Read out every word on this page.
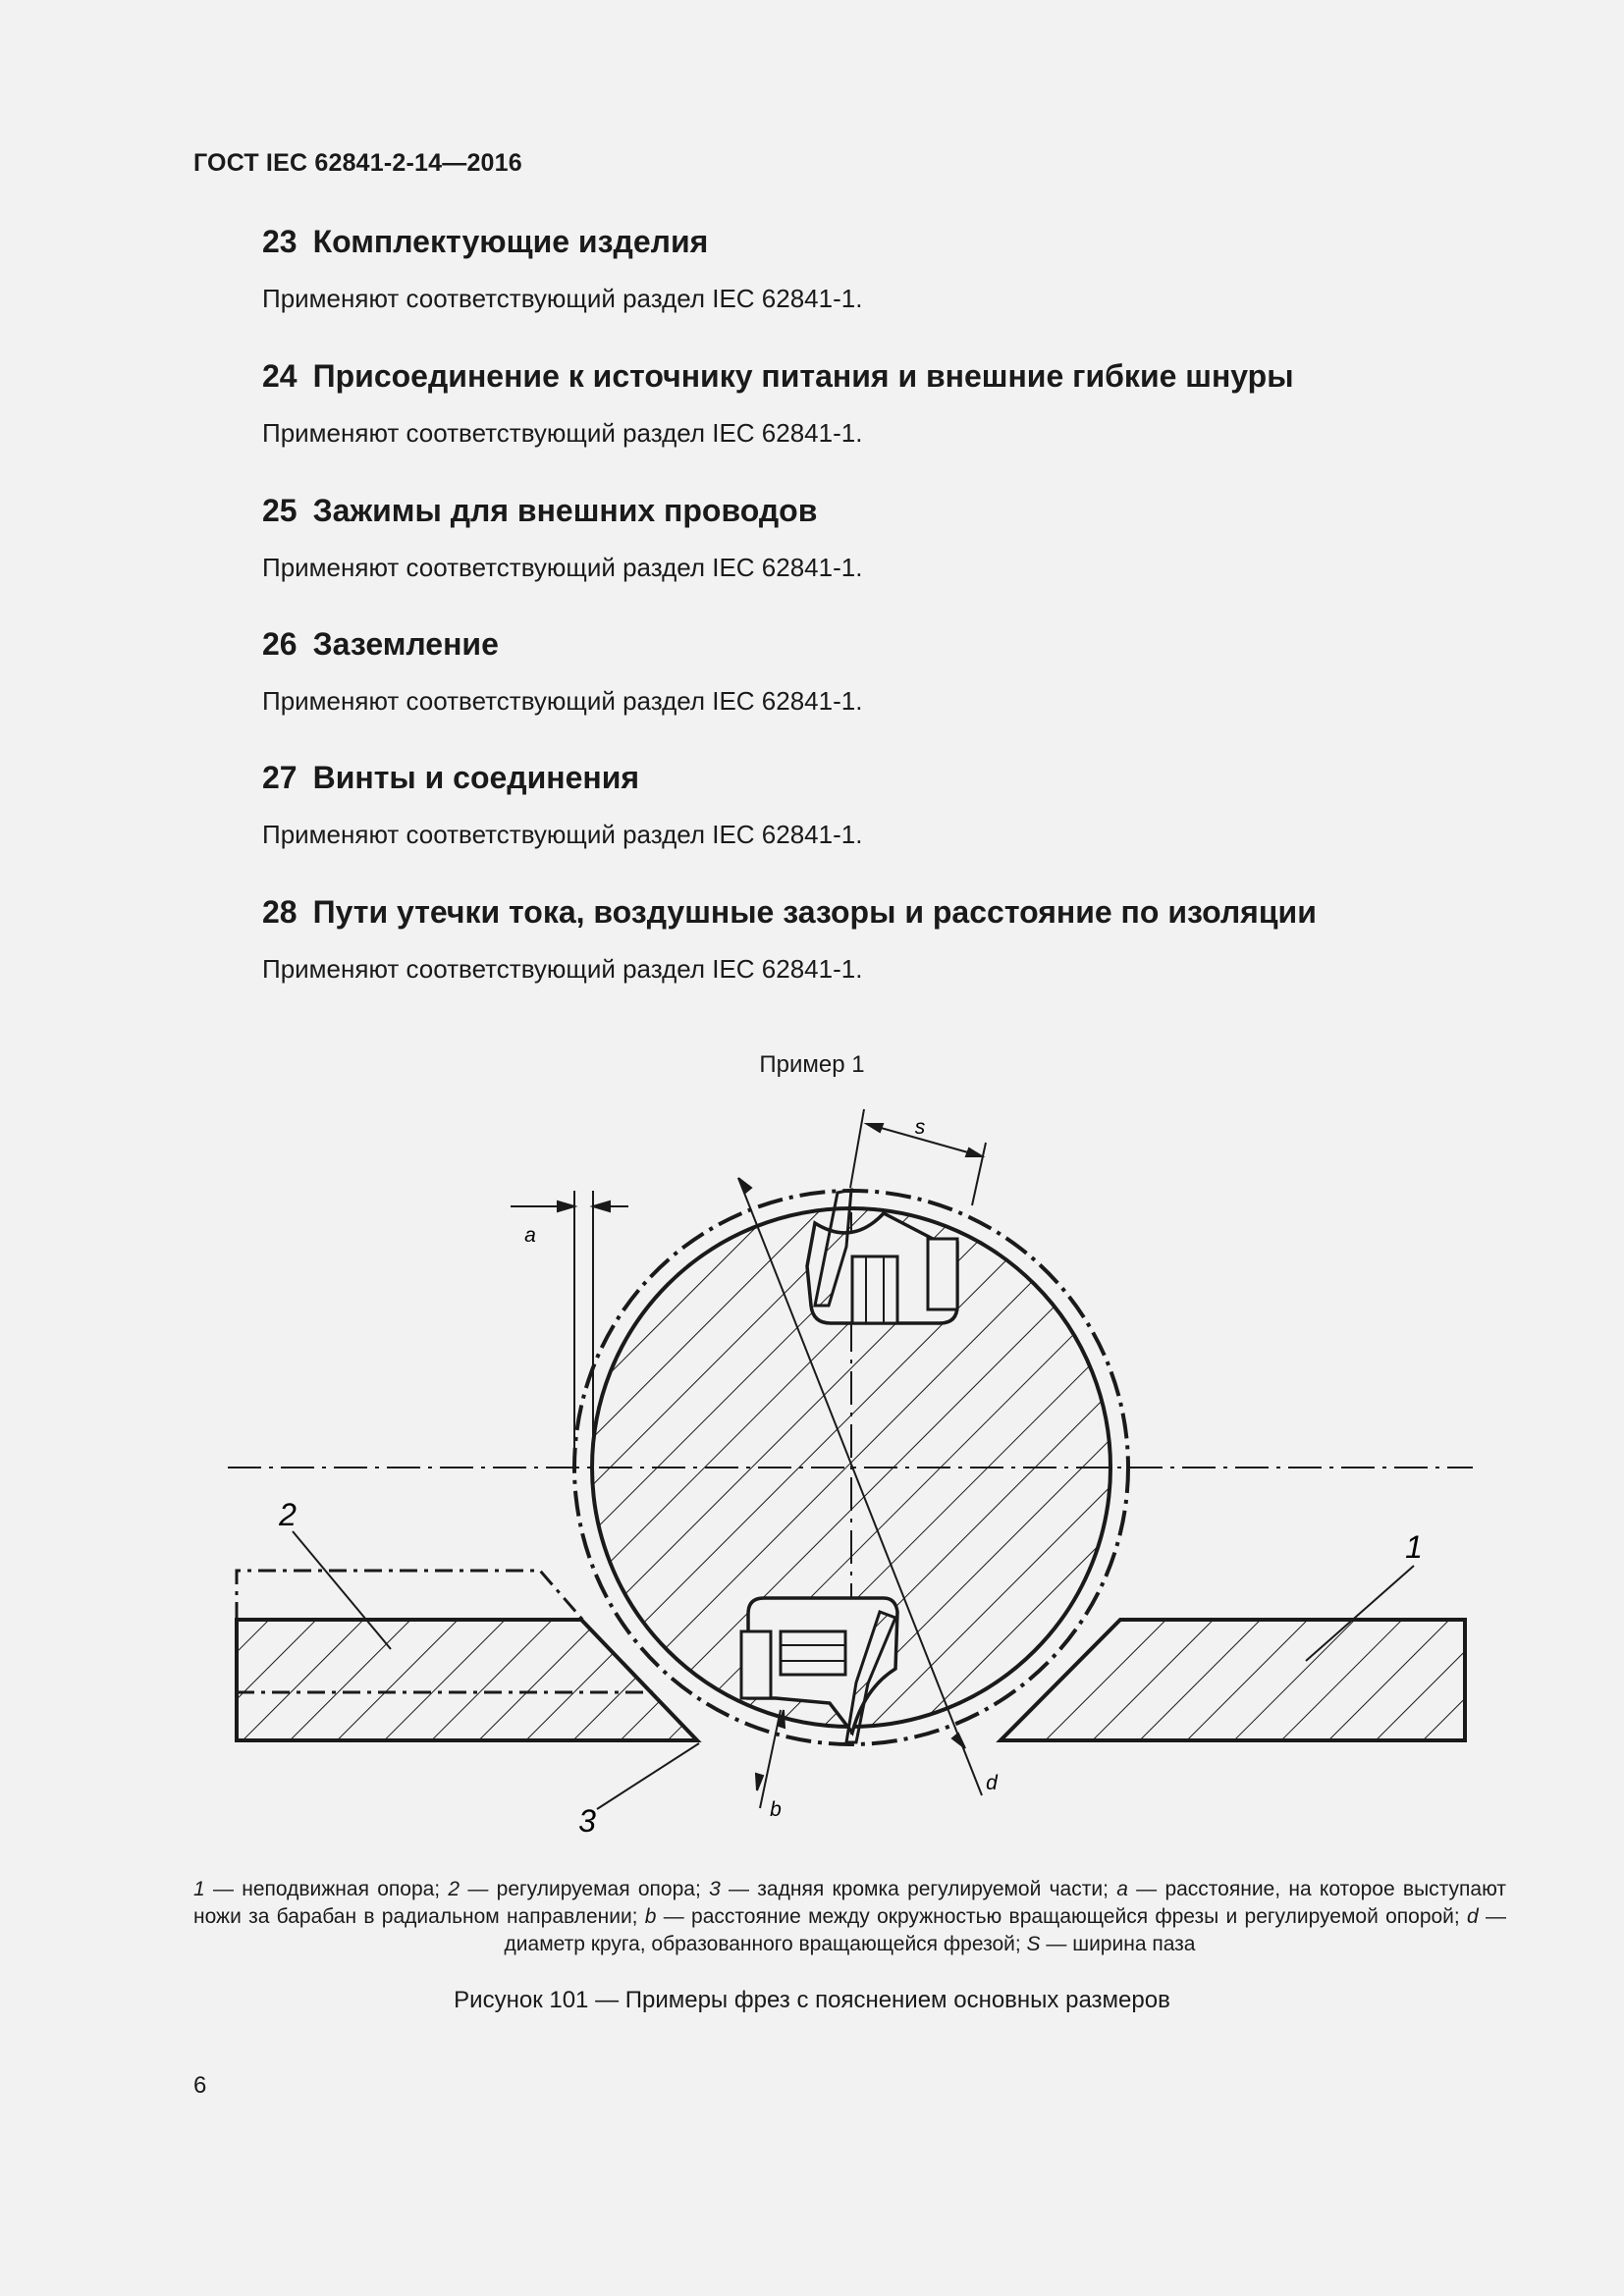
ГОСТ IEC 62841-2-14—2016

23 Комплектующие изделия

Применяют соответствующий раздел IEC 62841-1.

24 Присоединение к источнику питания и внешние гибкие шнуры

Применяют соответствующий раздел IEC 62841-1.

25 Зажимы для внешних проводов

Применяют соответствующий раздел IEC 62841-1.

26 Заземление

Применяют соответствующий раздел IEC 62841-1.

27 Винты и соединения

Применяют соответствующий раздел IEC 62841-1.

28 Пути утечки тока, воздушные зазоры и расстояние по изоляции

Применяют соответствующий раздел IEC 62841-1.

Пример 1
s
a
d
b
1
2
3
1 — неподвижная опора; 2 — регулируемая опора; 3 — задняя кромка регулируемой части; a — расстояние, на которое выступают ножи за барабан в радиальном направлении; b — расстояние между окружностью вращающейся фрезы и регулируемой опорой; d — диаметр круга, образованного вращающейся фрезой; S — ширина паза
Рисунок 101 — Примеры фрез с пояснением основных размеров
6
